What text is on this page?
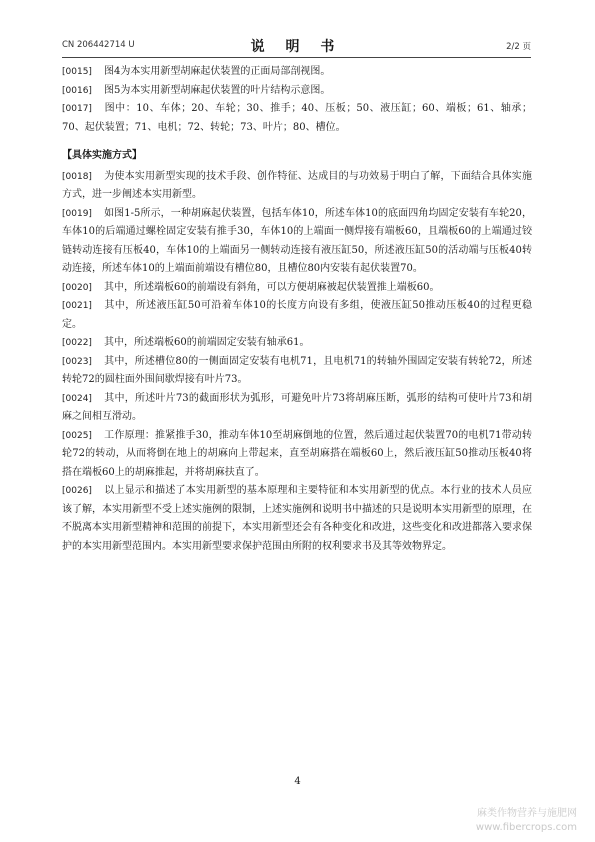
CN 206442714 U	说 明 书	2/2 页

[0015] 图4为本实用新型胡麻起伏装置的正面局部剖视图。

[0016] 图5为本实用新型胡麻起伏装置的叶片结构示意图。

[0017] 图中：10、车体；20、车轮；30、推手；40、压板；50、液压缸；60、端板；61、轴承；70、起伏装置；71、电机；72、转轮；73、叶片；80、槽位。

【具体实施方式】

[0018] 为使本实用新型实现的技术手段、创作特征、达成目的与功效易于明白了解，下面结合具体实施方式，进一步阐述本实用新型。

[0019] 如图1-5所示，一种胡麻起伏装置，包括车体10，所述车体10的底面四角均固定安装有车轮20，车体10的后端通过螺栓固定安装有推手30，车体10的上端面一侧焊接有端板60，且端板60的上端通过铰链转动连接有压板40，车体10的上端面另一侧转动连接有液压缸50，所述液压缸50的活动端与压板40转动连接，所述车体10的上端面前端设有槽位80，且槽位80内安装有起伏装置70。

[0020] 其中，所述端板60的前端设有斜角，可以方便胡麻被起伏装置推上端板60。

[0021] 其中，所述液压缸50可沿着车体10的长度方向设有多组，使液压缸50推动压板40的过程更稳定。

[0022] 其中，所述端板60的前端固定安装有轴承61。

[0023] 其中，所述槽位80的一侧面固定安装有电机71，且电机71的转轴外围固定安装有转轮72，所述转轮72的圆柱面外围间歇焊接有叶片73。

[0024] 其中，所述叶片73的截面形状为弧形，可避免叶片73将胡麻压断，弧形的结构可使叶片73和胡麻之间相互滑动。

[0025] 工作原理：推紧推手30，推动车体10至胡麻倒地的位置，然后通过起伏装置70的电机71带动转轮72的转动，从而将倒在地上的胡麻向上带起来，直至胡麻搭在端板60上，然后液压缸50推动压板40将搭在端板60上的胡麻推起，并将胡麻扶直了。

[0026] 以上显示和描述了本实用新型的基本原理和主要特征和本实用新型的优点。本行业的技术人员应该了解，本实用新型不受上述实施例的限制，上述实施例和说明书中描述的只是说明本实用新型的原理，在不脱离本实用新型精神和范围的前提下，本实用新型还会有各种变化和改进，这些变化和改进都落入要求保护的本实用新型范围内。本实用新型要求保护范围由所附的权利要求书及其等效物界定。

4
麻类作物营养与施肥网
www.fibercrops.com
